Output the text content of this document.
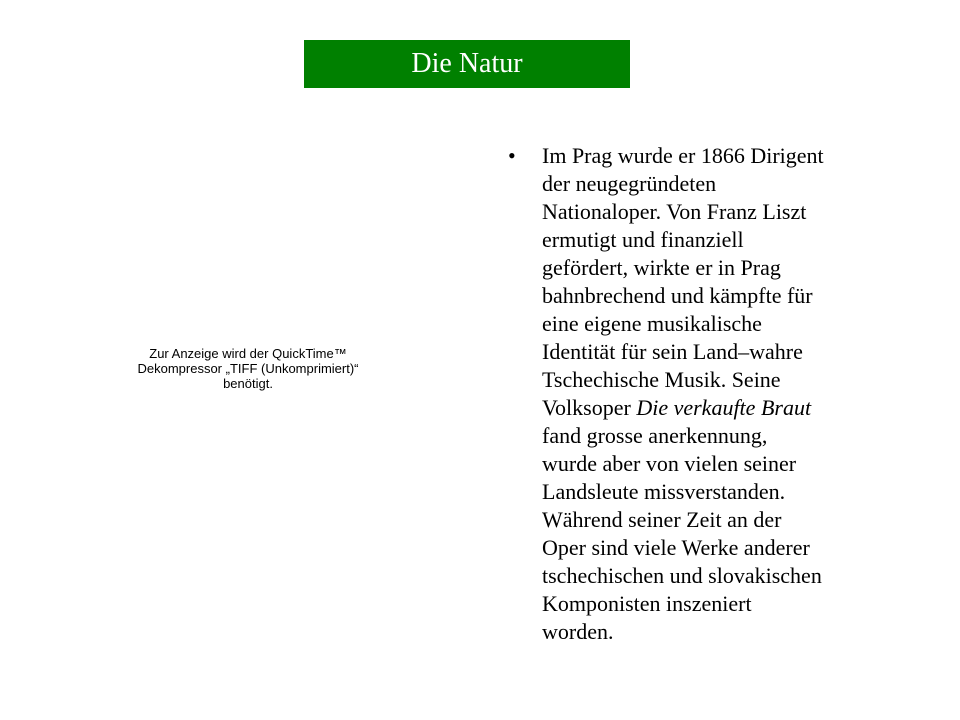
Die Natur
Zur Anzeige wird der QuickTime™
Dekompressor „TIFF (Unkomprimiert)“
benötigt.
• Im Prag wurde er 1866 Dirigent
der neugegründeten
Nationaloper. Von Franz Liszt
ermutigt und finanziell
gefördert, wirkte er in Prag
bahnbrechend und kämpfte für
eine eigene musikalische
Identität für sein Land–wahre
Tschechische Musik. Seine
Volksoper Die verkaufte Braut
fand grosse anerkennung,
wurde aber von vielen seiner
Landsleute missverstanden.
Während seiner Zeit an der
Oper sind viele Werke anderer
tschechischen und slovakischen
Komponisten inszeniert
worden.
